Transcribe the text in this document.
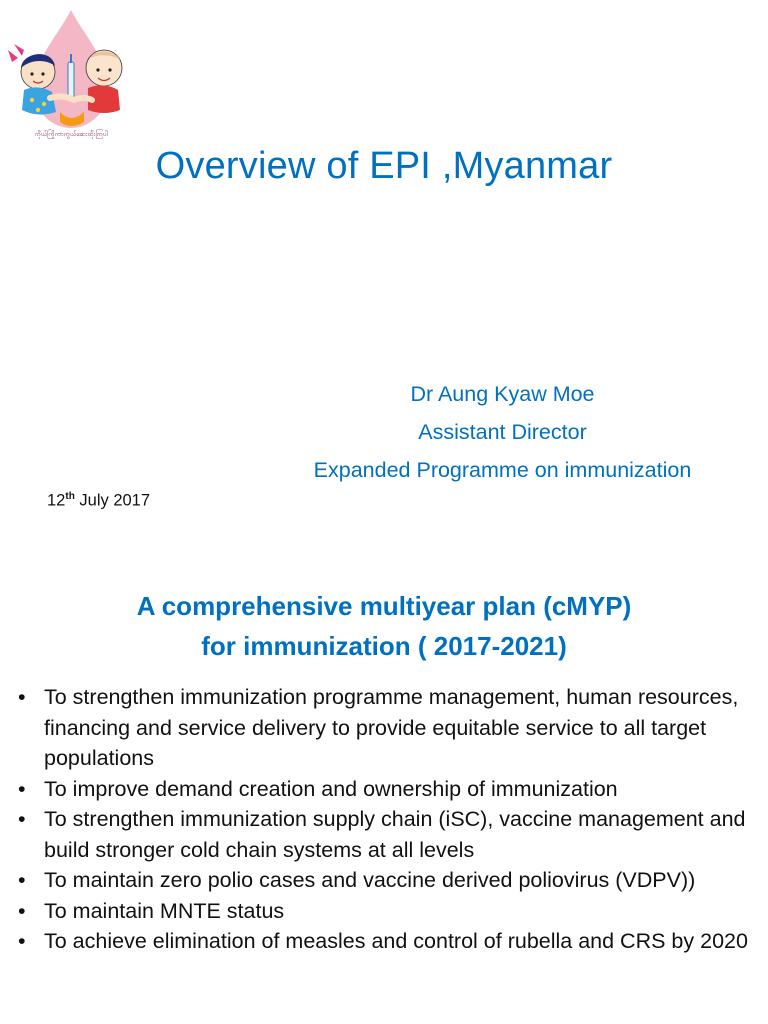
ကိုယ်ကြိုကာကွယ်ဆေးထိုးကြပါ
Overview of EPI ,Myanmar
Dr Aung Kyaw Moe
Assistant Director
Expanded Programme on immunization
12th July 2017
A comprehensive multiyear plan (cMYP)
for immunization ( 2017-2021)
• To strengthen immunization programme management, human resources, financing and service delivery to provide equitable service to all target populations
• To improve demand creation and ownership of immunization
• To strengthen immunization supply chain (iSC), vaccine management and build stronger cold chain systems at all levels
• To maintain zero polio cases and vaccine derived poliovirus (VDPV))
• To maintain MNTE status
• To achieve elimination of measles and control of rubella and CRS by 2020
